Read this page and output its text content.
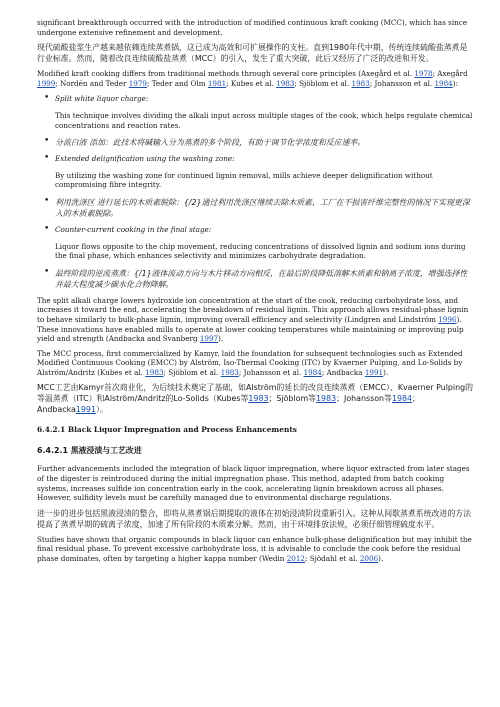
significant breakthrough occurred with the introduction of modified continuous kraft cooking (MCC), which has since undergone extensive refinement and development.

现代硫酸盐浆生产越来越依赖连续蒸煮锅，这已成为高效和可扩展操作的支柱。直到1980年代中期，传统连续硫酸盐蒸煮是行业标准。然而，随着改良连续硫酸盐蒸煮（MCC）的引入，发生了重大突破，此后又经历了广泛的改进和开发。

Modified kraft cooking differs from traditional methods through several core principles (Axegård et al. 1978; Axegård 1999; Nordén and Teder 1979; Teder and Olm 1981; Kubes et al. 1983; Sjöblom et al. 1983; Johansson et al. 1984):

• Split white liquor charge:

This technique involves dividing the alkali input across multiple stages of the cook, which helps regulate chemical concentrations and reaction rates.

• 分流白液 添加：此技术将碱输入分为蒸煮的多个阶段，有助于调节化学浓度和反应速率。
• Extended delignification using the washing zone:

By utilizing the washing zone for continued lignin removal, mills achieve deeper delignification without compromising fibre integrity.

• 利用洗涤区 进行延长的木质素脱除：{/2}通过利用洗涤区继续去除木质素，工厂在不损害纤维完整性的情况下实现更深入的木质素脱除。
• Counter-current cooking in the final stage:

Liquor flows opposite to the chip movement, reducing concentrations of dissolved lignin and sodium ions during the final phase, which enhances selectivity and minimizes carbohydrate degradation.

• 最终阶段的逆流蒸煮：{/1}液体流动方向与木片移动方向相反，在最后阶段降低溶解木质素和钠离子浓度，增强选择性并最大程度减少碳水化合物降解。

The split alkali charge lowers hydroxide ion concentration at the start of the cook, reducing carbohydrate loss, and increases it toward the end, accelerating the breakdown of residual lignin. This approach allows residual-phase lignin to behave similarly to bulk-phase lignin, improving overall efficiency and selectivity (Lindgren and Lindström 1996). These innovations have enabled mills to operate at lower cooking temperatures while maintaining or improving pulp yield and strength (Andbacka and Svanberg 1997).

The MCC process, first commercialized by Kamyr, laid the foundation for subsequent technologies such as Extended Modified Continuous Cooking (EMCC) by Alström, Iso-Thermal Cooking (ITC) by Kvaerner Pulping, and Lo-Solids by Alström/Andritz (Kubes et al. 1983; Sjöblom et al. 1983; Johansson et al. 1984; Andbacka 1991).

MCC工艺由Kamyr首次商业化，为后续技术奠定了基础，如Alström的延长的改良连续蒸煮（EMCC）、Kvaerner Pulping的等温蒸煮（ITC）和Alström/Andritz的Lo-Solids（Kubes等1983；Sjöblom等1983；Johansson等1984；Andbacka1991）。

6.4.2.1 Black Liquor Impregnation and Process Enhancements
6.4.2.1 黑液浸渍与工艺改进

Further advancements included the integration of black liquor impregnation, where liquor extracted from later stages of the digester is reintroduced during the initial impregnation phase. This method, adapted from batch cooking systems, increases sulfide ion concentration early in the cook, accelerating lignin breakdown across all phases. However, sulfidity levels must be carefully managed due to environmental discharge regulations.

进一步的进步包括黑液浸渍的整合，即将从蒸煮锅后期提取的液体在初始浸渍阶段重新引入。这种从间歇蒸煮系统改进的方法提高了蒸煮早期的硫离子浓度，加速了所有阶段的木质素分解。然而，由于环境排放法规，必须仔细管理硫度水平。

Studies have shown that organic compounds in black liquor can enhance bulk-phase delignification but may inhibit the final residual phase. To prevent excessive carbohydrate loss, it is advisable to conclude the cook before the residual phase dominates, often by targeting a higher kappa number (Wedin 2012; Sjödahl et al. 2006).
